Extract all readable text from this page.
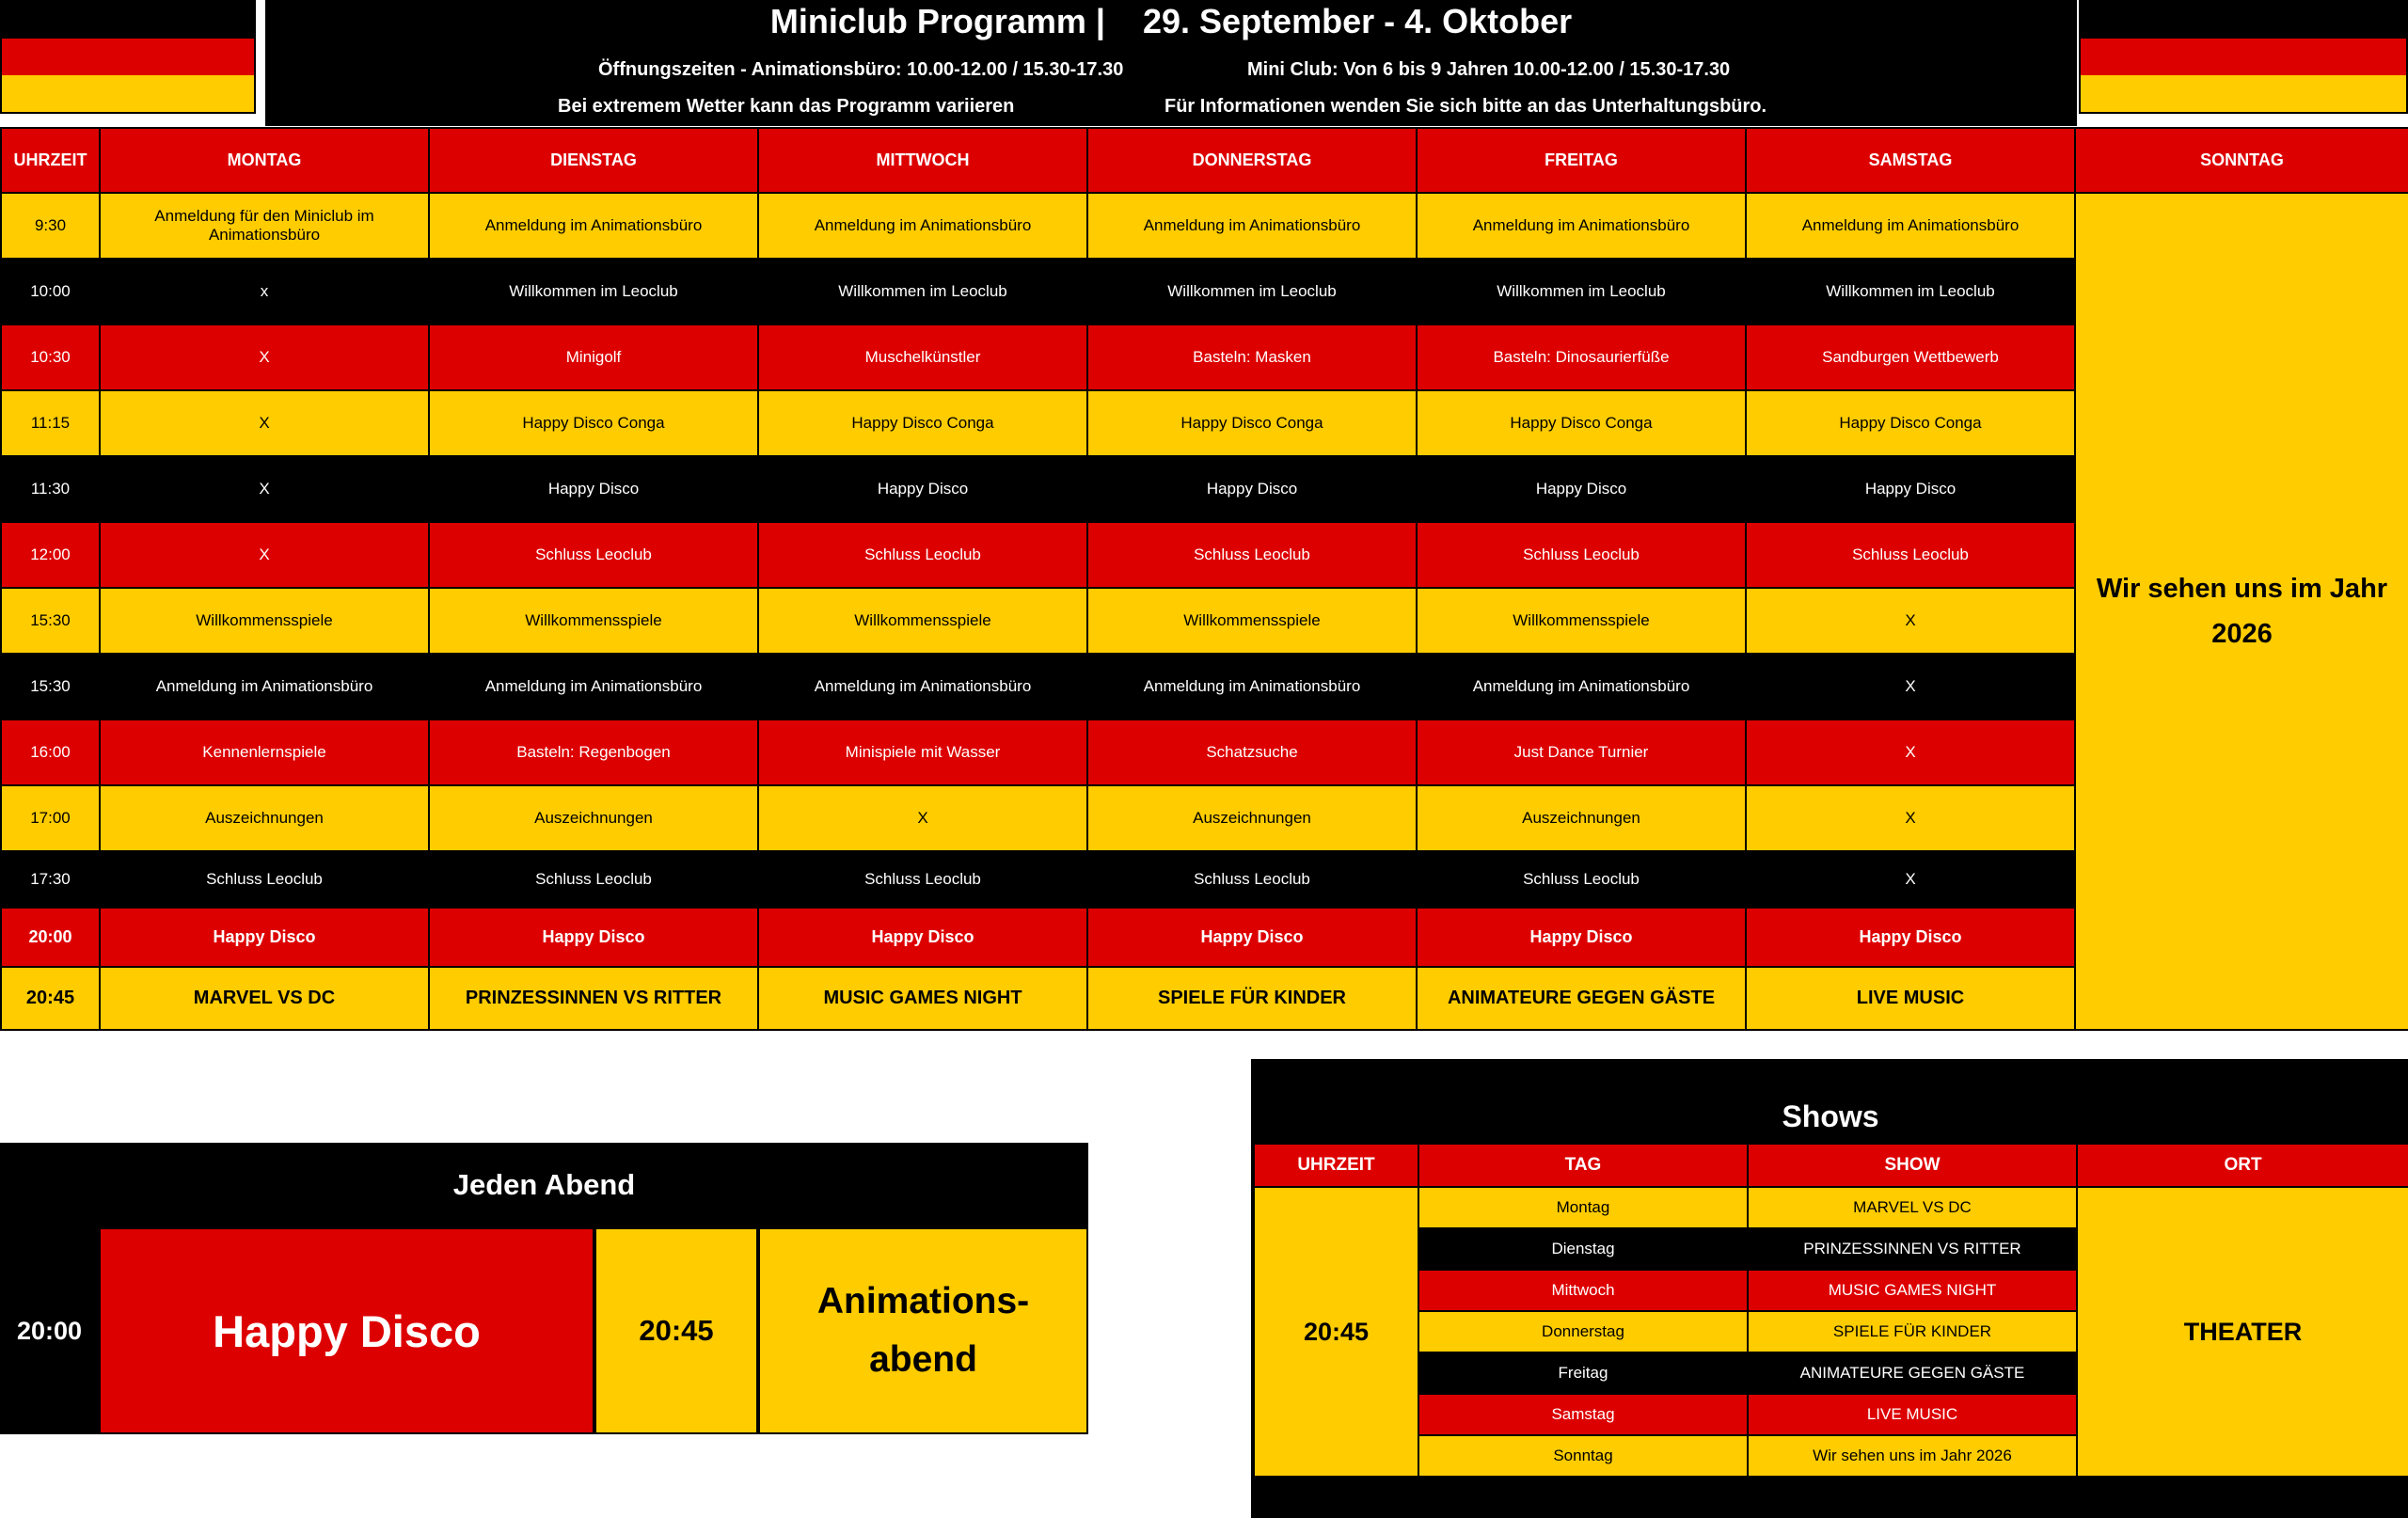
Miniclub Programm |    29. September - 4. Oktober
Öffnungszeiten - Animationsbüro: 10.00-12.00 / 15.30-17.30	Mini Club: Von 6 bis 9 Jahren 10.00-12.00 / 15.30-17.30
Bei extremem Wetter kann das Programm variieren	Für Informationen wenden Sie sich bitte an das Unterhaltungsbüro.
UHRZEIT	MONTAG	DIENSTAG	MITTWOCH	DONNERSTAG	FREITAG	SAMSTAG	SONNTAG
9:30	Anmeldung für den Miniclub im Animationsbüro	Anmeldung im Animationsbüro	Anmeldung im Animationsbüro	Anmeldung im Animationsbüro	Anmeldung im Animationsbüro	Anmeldung im Animationsbüro	Wir sehen uns im Jahr 2026
10:00	x	Willkommen im Leoclub	Willkommen im Leoclub	Willkommen im Leoclub	Willkommen im Leoclub	Willkommen im Leoclub	
10:30	X	Minigolf	Muschelkünstler	Basteln: Masken	Basteln: Dinosaurierfüße	Sandburgen Wettbewerb	
11:15	X	Happy Disco Conga	Happy Disco Conga	Happy Disco Conga	Happy Disco Conga	Happy Disco Conga	
11:30	X	Happy Disco	Happy Disco	Happy Disco	Happy Disco	Happy Disco	
12:00	X	Schluss Leoclub	Schluss Leoclub	Schluss Leoclub	Schluss Leoclub	Schluss Leoclub	
15:30	Willkommensspiele	Willkommensspiele	Willkommensspiele	Willkommensspiele	Willkommensspiele	X	
15:30	Anmeldung im Animationsbüro	Anmeldung im Animationsbüro	Anmeldung im Animationsbüro	Anmeldung im Animationsbüro	Anmeldung im Animationsbüro	X	
16:00	Kennenlernspiele	Basteln: Regenbogen	Minispiele mit Wasser	Schatzsuche	Just Dance Turnier	X	
17:00	Auszeichnungen	Auszeichnungen	X	Auszeichnungen	Auszeichnungen	X	
17:30	Schluss Leoclub	Schluss Leoclub	Schluss Leoclub	Schluss Leoclub	Schluss Leoclub	X	
20:00	Happy Disco	Happy Disco	Happy Disco	Happy Disco	Happy Disco	Happy Disco	
20:45	MARVEL VS DC	PRINZESSINNEN VS RITTER	MUSIC GAMES NIGHT	SPIELE FÜR KINDER	ANIMATEURE GEGEN GÄSTE	LIVE MUSIC	
Jeden Abend
20:00	Happy Disco	20:45
Animations-
abend
Shows
UHRZEIT	TAG	SHOW	ORT
20:45	Montag	MARVEL VS DC	THEATER
	Dienstag	PRINZESSINNEN VS RITTER	
	Mittwoch	MUSIC GAMES NIGHT	
	Donnerstag	SPIELE FÜR KINDER	
	Freitag	ANIMATEURE GEGEN GÄSTE	
	Samstag	LIVE MUSIC	
	Sonntag	Wir sehen uns im Jahr 2026	
